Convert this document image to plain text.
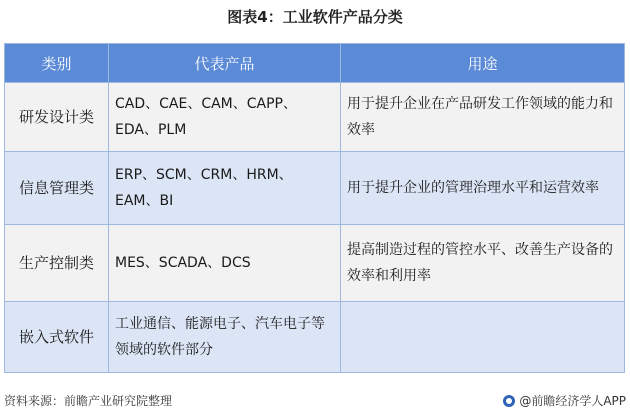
图表4：工业软件产品分类
类别	代表产品	用途
研发设计类	CAD、CAE、CAM、CAPP、EDA、PLM	用于提升企业在产品研发工作领域的能力和效率
信息管理类	ERP、SCM、CRM、HRM、EAM、BI	用于提升企业的管理治理水平和运营效率
生产控制类	MES、SCADA、DCS	提高制造过程的管控水平、改善生产设备的效率和利用率
嵌入式软件	工业通信、能源电子、汽车电子等领域的软件部分	
资料来源：前瞻产业研究院整理	@前瞻经济学人APP
